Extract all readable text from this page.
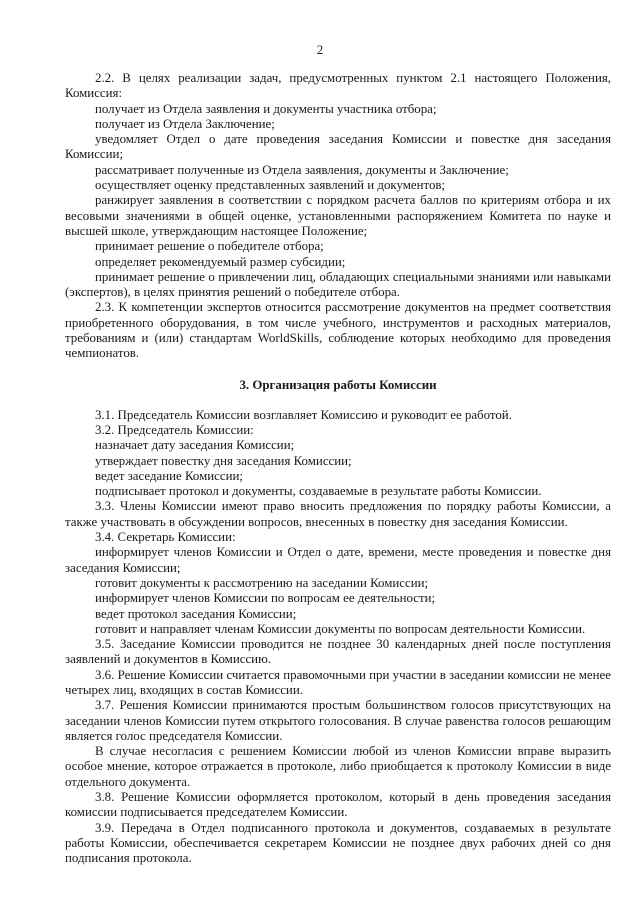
2

2.2. В целях реализации задач, предусмотренных пунктом 2.1 настоящего Положения, Комиссия:

получает из Отдела заявления и документы участника отбора;

получает из Отдела Заключение;

уведомляет Отдел о дате проведения заседания Комиссии и повестке дня заседания Комиссии;

рассматривает полученные из Отдела заявления, документы и Заключение;

осуществляет оценку представленных заявлений и документов;

ранжирует заявления в соответствии с порядком расчета баллов по критериям отбора и их весовыми значениями в общей оценке, установленными распоряжением Комитета по науке и высшей школе, утверждающим настоящее Положение;

принимает решение о победителе отбора;

определяет рекомендуемый размер субсидии;

принимает решение о привлечении лиц, обладающих специальными знаниями или навыками (экспертов), в целях принятия решений о победителе отбора.

2.3. К компетенции экспертов относится рассмотрение документов на предмет соответствия приобретенного оборудования, в том числе учебного, инструментов и расходных материалов, требованиям и (или) стандартам WorldSkills, соблюдение которых необходимо для проведения чемпионатов.

3. Организация работы Комиссии

3.1. Председатель Комиссии возглавляет Комиссию и руководит ее работой.

3.2. Председатель Комиссии:

назначает дату заседания Комиссии;

утверждает повестку дня заседания Комиссии;

ведет заседание Комиссии;

подписывает протокол и документы, создаваемые в результате работы Комиссии.

3.3. Члены Комиссии имеют право вносить предложения по порядку работы Комиссии, а также участвовать в обсуждении вопросов, внесенных в повестку дня заседания Комиссии.

3.4. Секретарь Комиссии:

информирует членов Комиссии и Отдел о дате, времени, месте проведения и повестке дня заседания Комиссии;

готовит документы к рассмотрению на заседании Комиссии;

информирует членов Комиссии по вопросам ее деятельности;

ведет протокол заседания Комиссии;

готовит и направляет членам Комиссии документы по вопросам деятельности Комиссии.

3.5. Заседание Комиссии проводится не позднее 30 календарных дней после поступления заявлений и документов в Комиссию.

3.6. Решение Комиссии считается правомочными при участии в заседании комиссии не менее четырех лиц, входящих в состав Комиссии.

3.7. Решения Комиссии принимаются простым большинством голосов присутствующих на заседании членов Комиссии путем открытого голосования. В случае равенства голосов решающим является голос председателя Комиссии.

В случае несогласия с решением Комиссии любой из членов Комиссии вправе выразить особое мнение, которое отражается в протоколе, либо приобщается к протоколу Комиссии в виде отдельного документа.

3.8. Решение Комиссии оформляется протоколом, который в день проведения заседания комиссии подписывается председателем Комиссии.

3.9. Передача в Отдел подписанного протокола и документов, создаваемых в результате работы Комиссии, обеспечивается секретарем Комиссии не позднее двух рабочих дней со дня подписания протокола.
